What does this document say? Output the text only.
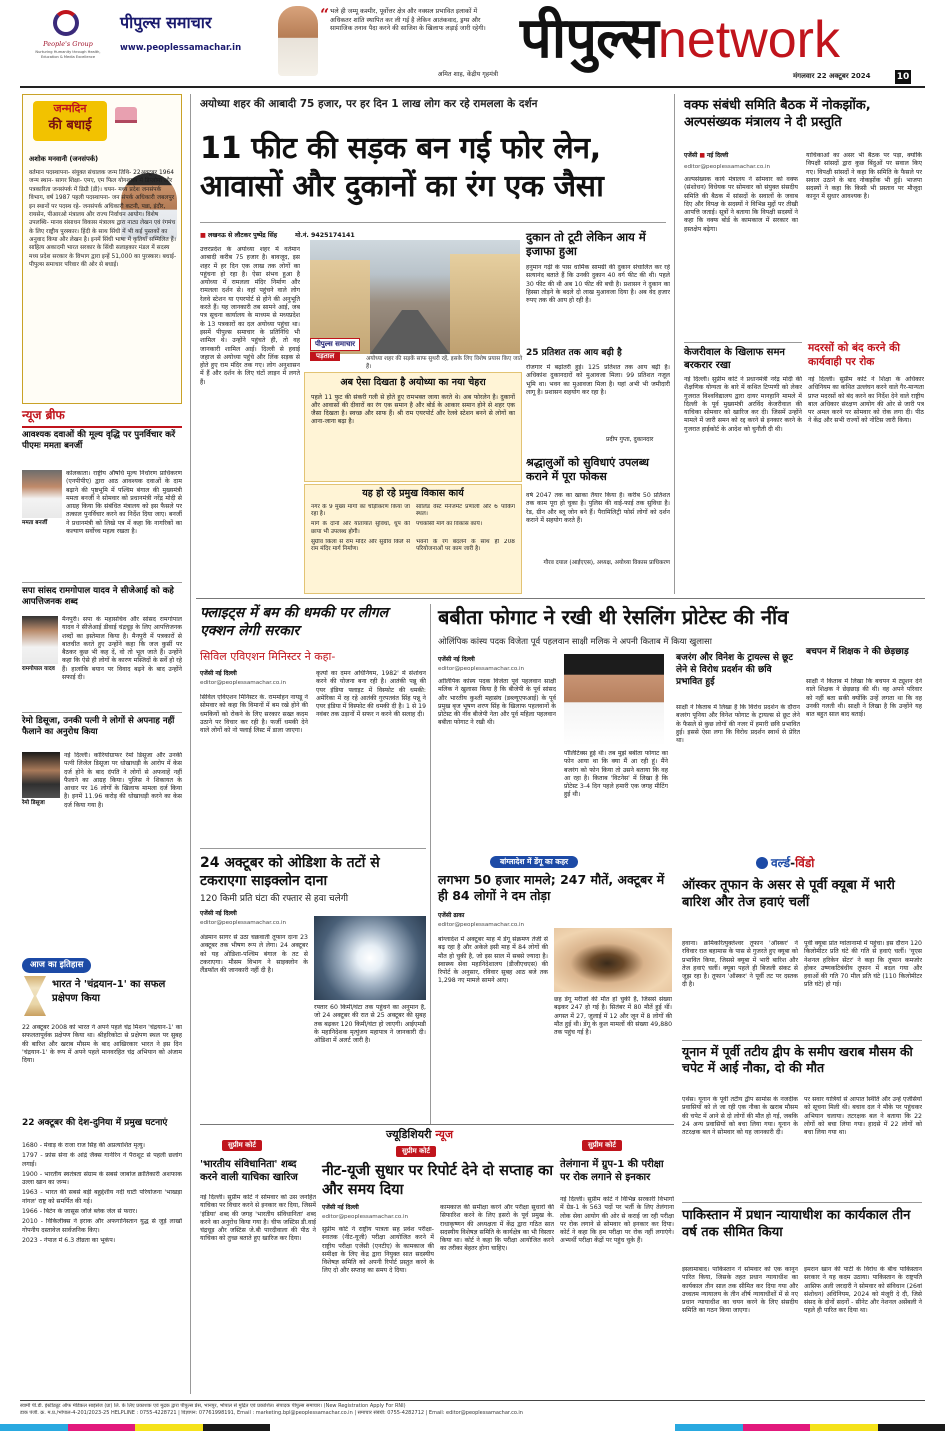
People's Group
Nurturing Humanity through Health, Education & Media Excellence
पीपुल्स समाचार
www.peoplessamachar.in
“ भले ही जम्मू कश्मीर, पूर्वोत्तर क्षेत्र और नक्सल प्रभावित इलाकों में अधिकतर शांति स्थापित कर ली गई है लेकिन आतंकवाद, ड्रग्स और सामाजिक तनाव पैदा करने की साजिश के खिलाफ लड़ाई जारी रहेगी।
अमित शाह, केंद्रीय गृहमंत्री
पीपुल्सnetwork
मंगलवार 22 अक्टूबर 2024	10
जन्मदिन
की बधाई
अशोक मनवानी (जनसंपर्क)
वर्तमान पदस्थापना- संयुक्त संचालक जन्म तिथि- 22अक्टूबर 1964 जन्म स्थान- सागर शिक्षा- एमए, एम फिल योगशास्त्र में डिप्लोमा और पत्रकारिता जनसंपर्क में डिग्री (डी)। चयन- मध्य प्रदेश जनसंपर्क विभाग, वर्ष 1987 पहली पदस्थापना- जन संपर्क अधिकारी जबलपुर इन स्थानों पर पदस्थ रहे- जनसंपर्क अधिकारी कटनी, पन्ना, इंदौर, रायसेन, पीआरओ मंत्रालय और राज्य निर्वाचन आयोग। विशेष उपलब्धि- मानव संसाधन विकास मंत्रालय द्वारा नाट्य लेखन एवं रंगमंच के लिए राष्ट्रीय पुरस्कार। हिंदी के साथ सिंधी में भी कई पुस्तकों का अनुवाद किया और लेखन है। इनमें सिंधी भाषा में कृतियाँ सम्मिलित हैं। साहित्य अकादमी भारत सरकार के सिंधी सलाहकार मंडल में सदस्य मध्य प्रदेश सरकार के विभाग द्वारा इन्हें 51,000 का पुरस्कार। बधाई- पीपुल्स समाचार परिवार की ओर से बधाई।
न्यूज ब्रीफ
आवश्यक दवाओं की मूल्य वृद्धि पर पुनर्विचार करें पीएमः ममता बनर्जी
ममता बनर्जी
कोलकाता। राष्ट्रीय औषधि मूल्य निर्धारण प्राधिकरण (एनपीपीए) द्वारा आठ आवश्यक दवाओं के दाम बढ़ाने की पृष्ठभूमि में पश्चिम बंगाल की मुख्यमंत्री ममता बनर्जी ने सोमवार को प्रधानमंत्री नरेंद्र मोदी से आग्रह किया कि संबंधित मंत्रालय को इस फैसले पर तत्काल पुनर्विचार करने का निर्देश दिया जाए। बनर्जी ने प्रधानमंत्री को लिखे पत्र में कहा कि नागरिकों का कल्याण सर्वोच्च महत्व रखता है।
सपा सांसद रामगोपाल यादव ने सीजेआई को कहे आपत्तिजनक शब्द
रामगोपाल यादव
मैनपुरी। सपा के महासचिव और सांसद रामगोपाल यादव ने सीजेआई डीवाई चंद्रचूड़ के लिए आपत्तिजनक शब्दों का इस्तेमाल किया है। मैनपुरी में पत्रकारों से बातचीत करते हुए उन्होंने कहा कि जज कुर्सी पर बैठकर कुछ भी कह दें, वो तो भूल जाते हैं। उन्होंने कहा कि ऐसे ही लोगों के कारण मस्जिदों के सर्वे हो रहे हैं। हालांकि बयान पर विवाद बढ़ने के बाद उन्होंने सफाई दी।
रेमो डिसूजा, उनकी पत्नी ने लोगों से अपनाह नहीं फैलाने का अनुरोध किया
रेमो डिसूजा
नई दिल्ली। कोरियोग्राफर रेमो डिसूजा और उनकी पत्नी लिजेल डिसूजा पर धोखाधड़ी के आरोप में केस दर्ज होने के बाद दंपति ने लोगों से अफवाहें नहीं फैलाने का आग्रह किया। पुलिस ने शिकायत के आधार पर 16 लोगों के खिलाफ मामला दर्ज किया है। इनमें 11.96 करोड़ की धोखाधड़ी करने का केस दर्ज किया गया है।
आज का इतिहास
भारत ने 'चंद्रयान-1' का सफल प्रक्षेपण किया
22 अक्टूबर 2008 को भारत ने अपने पहले चंद्र मिशन 'चंद्रयान-1' का सफलतापूर्वक प्रक्षेपण किया था। श्रीहरिकोटा से प्रक्षेपण स्थल पर सुबह की बारिश और खराब मौसम के बाद आखिरकार भारत ने इस दिन 'चंद्रयान-1' के रूप में अपने पहले मानवरहित चंद्र अभियान को अंजाम दिया।
22 अक्टूबर की देश-दुनिया में प्रमुख घटनाएं
1680 - मेवाड़ के राजा राज सिंह की अप्रत्याशित मृत्यु।
1797 - फ्रांस सेना के आंद्रे जैक्स गार्नेरिन ने पैराशूट से पहली छलांग लगाई।
1900 - भारतीय स्वतंत्रता संग्राम के सबसे जाबांज क्रांतिकारी अशफाक उल्ला खान का जन्म।
1963 - भारत की सबसे बड़ी बहुद्देशीय नदी घाटी परियोजना 'भाखड़ा नांगल' राष्ट्र को समर्पित की गई।
1966 - बिटेन के जासूस जॉर्ज ब्लेक जेल से फरार।
2010 - विकिलीक्स ने इराक और अफगानिस्तान युद्ध से जुड़े लाखों गोपनीय दस्तावेज सार्वजनिक किए।
2023 - नेपाल में 6.3 तीव्रता का भूकंप।
अयोध्या शहर की आबादी 75 हजार, पर हर दिन 1 लाख लोग कर रहे रामलला के दर्शन
11 फीट की सड़क बन गई फोर लेन, आवासों और दुकानों का रंग एक जैसा
■ लखनऊ से लौटकर पुष्पेंद्र सिंह	मो.नं. 9425174141
उत्तरप्रदेश के अयोध्या शहर में वर्तमान आबादी करीब 75 हजार है। बावजूद, इस शहर में हर दिन एक लाख तक लोगों का पहुंचना हो रहा है। ऐसा संभव हुआ है अयोध्या में रामलला मंदिर निर्माण और रामलला दर्शन से। वहां पहुंचने वाले लोग रेलवे स्टेशन या एयरपोर्ट से होने की अनुभूति करते हैं। यह जानकारी तब सामने आई, जब पत्र सूचना कार्यालय के माध्यम से मध्यप्रदेश के 13 पत्रकारों का दल अयोध्या पहुंचा था। इसमें पीपुल्स समाचार के प्रतिनिधि भी शामिल थे। उन्होंने पहुंचते ही, तो वह जानकारी शामिल आई। दिल्ली से हवाई जहाज से अयोध्या पहुंचे और लिंक सड़क से होते हुए राम मंदिर तक गए। लोग अनुशासन में हैं और दर्शन के लिए घंटों लाइन में लगते हैं।
पीपुल्स समाचार
पड़ताल	अयोध्या शहर की सड़कें साफ सुथरी रहें, इसके लिए विशेष प्रयास किए जाते हैं।
दुकान तो टूटी लेकिन आय में इजाफा हुआ
हनुमान गढ़ी के पास धार्मिक सामग्री की दुकान संचालित कर रहे सत्यानंद बताते हैं कि उनकी दुकान 40 वर्ग फीट की थी। पहले 30 फीट की थी अब 10 फीट की बची है। प्रशासन ने दुकान का हिस्सा तोड़ने के बदले दो लाख मुआवजा दिया है। अब वेद हजार रुपए तक की आय हो रही है।
25 प्रतिशत तक आय बढ़ी है
रोजगार में बढ़ोतरी हुई। 125 प्रतिशत तक आय बढ़ी है। अधिकांश दुकानदारों को मुआवजा मिला। 99 प्रतिशत नजूल भूमि था। भवन का मुआवजा मिला है। यहां अभी भी जमीदारी लागू है। प्रशासन सहयोग कर रहा है।
प्रदीप गुप्ता, दुकानदार
श्रद्धालुओं को सुविधाएं उपलब्ध कराने में पूरा फोकस
वर्ष 2047 तक का खाका तैयार किया है। करीब 50 प्रतिशत तक काम पूरा हो चुका है। पुलिस की वाई-फाई तक सुविधा है। रेड, ग्रीन और ब्लू जोन बने हैं। पैरामिलिट्री फोर्स लोगों को दर्शन कराने में सहयोग करते हैं।
गौरव दयाल (आईएएस), अध्यक्ष, अयोध्या विकास प्राधिकरण
अब ऐसा दिखता है अयोध्या का नया चेहरा
पहले 11 फुट की संकरी गली से होते हुए रामभक्त जाया करते थे। अब फोरलेन है। दुकानों और आवासों की दीवारों का रंग एक समान है और बोर्ड के आकार समान होने से शहर एक जैसा दिखता है। स्वच्छ और साफ हैं। श्री राम एयरपोर्ट और रेलवे स्टेशन बनने से लोगों का आना-जाना बढ़ा है।
यह हो रहे प्रमुख विकास कार्य
नगर के 9 मुख्य मार्गों का चौड़ीकरण किया जा रहा है।
सॉलिड वेस्ट मैनेजमेंट प्रणाली और 6 पार्किंग स्थल।
मार्ग के दोनों ओर यातायात सुविधा, धूप की छाया भी उपलब्ध होगी।
पंचकोसी मार्ग का विकास कार्य।
सुग्रीव किला से राम मंदिर और सुग्रीव किले से राम मंदिर मार्ग निर्माण।
भवनों के रंग बदलने के साथ ही 208 परियोजनाओं पर काम जारी है।
वक्फ संबंधी समिति बैठक में नोकझोंक, अल्पसंख्यक मंत्रालय ने दी प्रस्तुति
एजेंसी ■ नई दिल्ली
editor@peoplessamachar.co.in
अल्पसंख्यक कार्य मंत्रालय ने सोमवार को वक्फ (संशोधन) विधेयक पर सोमवार को संयुक्त संसदीय समिति की बैठक में सांसदों के सवालों के जवाब दिए और विपक्ष के सदस्यों ने विभिन्न मुद्दों पर तीखी आपत्ति जताई। सूत्रों ने बताया कि विपक्षी सदस्यों ने कहा कि वक्फ बोर्ड के कामकाज में सरकार का हस्तक्षेप बढ़ेगा।
याचिकाओं का असर भी बैठक पर पड़ा, क्योंकि विपक्षी सांसदों द्वारा कुछ बिंदुओं पर सवाल किए गए। विपक्षी सांसदों ने कहा कि समिति के फैसले पर सवाल उठाने के बाद नोकझोंक भी हुई। भाजपा सदस्यों ने कहा कि किसी भी प्रस्ताव पर मौजूदा कानून में सुधार आवश्यक है।
केजरीवाल के खिलाफ समन बरकरार रखा
नई दिल्ली। सुप्रीम कोर्ट ने प्रधानमंत्री नरेंद्र मोदी की शैक्षणिक योग्यता के बारे में कथित टिप्पणी को लेकर गुजरात विश्वविद्यालय द्वारा दायर मानहानि मामले में दिल्ली के पूर्व मुख्यमंत्री अरविंद केजरीवाल की याचिका सोमवार को खारिज कर दी। जिसमें उन्होंने मामले में जारी समन को रद्द करने से इनकार करने के गुजरात हाईकोर्ट के आदेश को चुनौती दी थी।
मदरसों को बंद करने की कार्यवाही पर रोक
नई दिल्ली। सुप्रीम कोर्ट ने शिक्षा के अधिकार अधिनियम का कथित उल्लंघन करने वाले गैर-मान्यता प्राप्त मदरसों को बंद करने का निर्देश देने वाले राष्ट्रीय बाल अधिकार संरक्षण आयोग की ओर से जारी पत्र पर अमल करने पर सोमवार को रोक लगा दी। पीठ ने केंद्र और सभी राज्यों को नोटिस जारी किया।
फ्लाइट्स में बम की धमकी पर लीगल एक्शन लेगी सरकार
सिविल एविएशन मिनिस्टर ने कहा-
एजेंसी नई दिल्ली
editor@peoplessamachar.co.in
सिविल एविएशन मिनिस्टर के. राममोहन नायडू ने सोमवार को कहा कि विमानों में बम रखे होने की धमकियों को रोकने के लिए सरकार सख्त कदम उठाने पर विचार कर रही है। फर्जी धमकी देने वाले लोगों को नो फ्लाई लिस्ट में डाला जाएगा।
कृत्यों का दमन अधिनियम, 1982' में संशोधन करने की योजना बना रही है। आतंकी पन्नू की एयर इंडिया फ्लाइट में विस्फोट की धमकी: अमेरिका में रह रहे आतंकी गुरपतवंत सिंह पन्नू ने एयर इंडिया में विस्फोट की धमकी दी है। 1 से 19 नवंबर तक उड़ानों में सफर न करने की सलाह दी।
24 अक्टूबर को ओडिशा के तटों से टकराएगा साइक्लोन दाना
120 किमी प्रति घंटा की रफ्तार से हवा चलेगी
एजेंसी नई दिल्ली
editor@peoplessamachar.co.in
अंडमान सागर से उठा चक्रवाती तूफान दाना 23 अक्टूबर तक भीषण रूप ले लेगा। 24 अक्टूबर को यह ओडिशा-पश्चिम बंगाल के तट से टकराएगा। मौसम विभाग ने साइक्लोन के लैंडफॉल की जानकारी नहीं दी है।
रफ्तार 60 किमी/घंटा तक पहुंचने का अनुमान है, जो 24 अक्टूबर की रात से 25 अक्टूबर की सुबह तक बढ़कर 120 किमी/घंटा हो जाएगी। आईएमडी के महानिदेशक मृत्युंजय महापात्र ने जानकारी दी। ओडिशा में अलर्ट जारी है।
बबीता फोगाट ने रखी थी रेसलिंग प्रोटेस्ट की नींव
ओलिंपिक कांस्य पदक विजेता पूर्व पहलवान साक्षी मलिक ने अपनी किताब में किया खुलासा
एजेंसी नई दिल्ली
editor@peoplessamachar.co.in
ओलिंपिक कांस्य पदक विजेता पूर्व पहलवान साक्षी मलिक ने खुलासा किया है कि बीजेपी के पूर्व सांसद और भारतीय कुश्ती महासंघ (डब्ल्यूएफआई) के पूर्व प्रमुख बृज भूषण शरण सिंह के खिलाफ पहलवानों के प्रोटेस्ट की नींव बीजेपी नेता और पूर्व महिला पहलवान बबीता फोगाट ने रखी थी।
पॉलिटिक्स हुई थी। तब मुझे बबीता फोगाट का फोन आया था कि क्या मैं आ रही हूं। मैंने बजरंग को फोन किया तो उसने बताया कि वह आ रहा है। किताब 'विटनेस' में लिखा है कि प्रोटेस्ट 3-4 दिन पहले हमारी एक जगह मीटिंग हुई थी।
बजरंग और विनेश के ट्रायल्स से छूट लेने से विरोध प्रदर्शन की छवि प्रभावित हुई
साक्षी ने किताब में लिखा है कि विरोध प्रदर्शन के दौरान बजरंग पूनिया और विनेश फोगाट के ट्रायल्स से छूट लेने के फैसले से कुछ लोगों की नजर में हमारी छवि प्रभावित हुई। इससे ऐसा लगा कि विरोध प्रदर्शन स्वार्थ से प्रेरित था।
बचपन में शिक्षक ने की छेड़छाड़
साक्षी ने किताब में लिखा कि बचपन में ट्यूशन देने वाले शिक्षक ने छेड़छाड़ की थी। वह अपने परिवार को नहीं बता सकी क्योंकि उन्हें लगता था कि वह उनकी गलती थी। साक्षी ने लिखा है कि उन्होंने यह बात बहुत साल बाद बताई।
बांग्लादेश में डेंगू का कहर
लगभग 50 हजार मामले; 247 मौतें, अक्टूबर में ही 84 लोगों ने दम तोड़ा
एजेंसी ढाका
editor@peoplessamachar.co.in
बांग्लादेश में अक्टूबर माह में डेंगू संक्रमण तेजी से बढ़ रहा है और अकेले इसी माह में 84 लोगों की मौत हो चुकी है, जो इस साल में सबसे ज्यादा है। स्वास्थ्य सेवा महानिदेशालय (डीजीएचएस) की रिपोर्ट के अनुसार, रविवार सुबह आठ बजे तक 1,298 नए मामले सामने आए।
छह डेंगू मरीजों की मौत हो चुकी है, जिससे संख्या बढ़कर 247 हो गई है। सितंबर में 80 मौतें हुई थीं। अगस्त में 27, जुलाई में 12 और जून में 8 लोगों की मौत हुई थी। डेंगू के कुल मामलों की संख्या 49,880 तक पहुंच गई है।
वर्ल्ड-विंडो
ऑस्कर तूफान के असर से पूर्वी क्यूबा में भारी बारिश और तेज हवाएं चलीं
हवाना। क्रमिकरित्युक्तेश्वर तूफान 'ऑस्कर' ने रविवार रात बहामास के पास से गुजरते हुए क्यूबा को प्रभावित किया, जिससे क्यूबा में भारी बारिश और तेज हवाएं चलीं। क्यूबा पहले ही बिजली संकट से जूझ रहा है। तूफान 'ऑस्कर' ने पूर्वी तट पर दस्तक दी है।
पूर्वी क्यूबा प्रांत ग्वांतानामो में पहुंचा। इस दौरान 120 किलोमीटर प्रति घंटे की गति से हवाएं चलीं। 'यूएस नेशनल हरिकेन सेंटर' ने कहा कि तूफान कमजोर होकर उष्णकटिबंधीय तूफान में बदल गया और हवाओं की गति 70 मील प्रति घंटे (110 किलोमीटर प्रति घंटे) हो गई।
यूनान में पूर्वी तटीय द्वीप के समीप खराब मौसम की चपेट में आई नौका, दो की मौत
एथेंस। यूनान के पूर्वी तटीय द्वीप सामोस के नजदीक प्रवासियों को ले जा रही एक नौका के खराब मौसम की चपेट में आने से दो लोगों की मौत हो गई, जबकि 24 अन्य प्रवासियों को बचा लिया गया। यूनान के तटरक्षक बल ने सोमवार को यह जानकारी दी।
पर सवार यात्रियों से आपात स्थिति और उन्हें एजेंसियों को सूचना मिली थी। बचाव दल ने मौके पर पहुंचकर अभियान चलाया। तटरक्षक बल ने बताया कि 22 लोगों को बचा लिया गया। हादसे में 22 लोगों को बचा लिया गया था।
पाकिस्तान में प्रधान न्यायाधीश का कार्यकाल तीन वर्ष तक सीमित किया
इस्लामाबाद। पाकिस्तान ने सोमवार को एक कानून पारित किया, जिसके तहत प्रधान न्यायाधीश का कार्यकाल तीन साल तक सीमित कर दिया गया और उच्चतम न्यायालय के तीन शीर्ष न्यायाधीशों में से नए प्रधान न्यायाधीश का चयन करने के लिए संसदीय समिति का गठन किया जाएगा।
इमरान खान की पार्टी के विरोध के बीच पाकिस्तान सरकार ने यह कदम उठाया। पाकिस्तान के राष्ट्रपति आसिफ अली जरदारी ने सोमवार को संविधान (26वां संशोधन) अधिनियम, 2024 को मंजूरी दे दी, जिसे संसद के दोनों सदनों - सीनेट और नेशनल असेंबली ने पहले ही पारित कर दिया था।
ज्यूडिशियरी न्यूज
सुप्रीम कोर्ट
'भारतीय संविधानिता' शब्द करने वाली याचिका खारिज
नई दिल्ली। सुप्रीम कोर्ट ने सोमवार को उस जनहित याचिका पर विचार करने से इनकार कर दिया, जिसमें 'इंडिया' शब्द की जगह 'भारतीय संविधानिता' शब्द करने का अनुरोध किया गया है। चीफ जस्टिस डी.वाई चंद्रचूड़ और जस्टिस जे.बी पारदीवाला की पीठ ने याचिका को तुच्छ बताते हुए खारिज कर दिया।
सुप्रीम कोर्ट
नीट-यूजी सुधार पर रिपोर्ट देने दो सप्ताह का और समय दिया
एजेंसी नई दिल्ली
editor@peoplessamachar.co.in
सुप्रीम कोर्ट ने राष्ट्रीय पात्रता सह प्रवेश परीक्षा-स्नातक (नीट-यूजी) परीक्षा आयोजित करने में राष्ट्रीय परीक्षा एजेंसी (एनटीए) के कामकाज की समीक्षा के लिए केंद्र द्वारा नियुक्त सात सदस्यीय विशेषज्ञ समिति को अपनी रिपोर्ट प्रस्तुत करने के लिए दो और सप्ताह का समय दे दिया।
कामकाज की समीक्षा करने और परीक्षा सुधारों की सिफारिश करने के लिए इसरो के पूर्व प्रमुख के. राधाकृष्णन की अध्यक्षता में केंद्र द्वारा गठित सात सदस्यीय विशेषज्ञ समिति के कार्यक्षेत्र का भी विस्तार किया था। कोर्ट ने कहा कि परीक्षा आयोजित करने का तरीका बेहतर होना चाहिए।
सुप्रीम कोर्ट
तेलंगाना में ग्रुप-1 की परीक्षा पर रोक लगाने से इनकार
नई दिल्ली। सुप्रीम कोर्ट ने विभिन्न सरकारी विभागों में ग्रेड-1 के 563 पदों पर भर्ती के लिए तेलंगाना लोक सेवा आयोग की ओर से कराई जा रही परीक्षा पर रोक लगाने से सोमवार को इनकार कर दिया। कोर्ट ने कहा कि हम परीक्षा पर रोक नहीं लगाएंगे। अभ्यर्थी परीक्षा केंद्रों पर पहुंच चुके हैं।
स्वामी पी.डी. इंस्टीट्यूट ऑफ मेडिकल साइंसेज (प्रा) लि. के लिए प्रकाशक एवं मुद्रक द्वारा पीपुल्स प्रेस, भानपुर, भोपाल से मुद्रित एवं प्रकाशित। संपादक पीपुल्स समाचार। (New Registration Apply For RNI)
डाक पंजी. क्र. म.प्र./भोपाल-4-201/2023-25 HELPLINE : 0755-4228721 | विज्ञापन: 07761998191, Email : marketing.bpl@peoplessamachar.co.in | समाचार संबंधी: 0755-4282712 | Email: editor@peoplessamachar.co.in
